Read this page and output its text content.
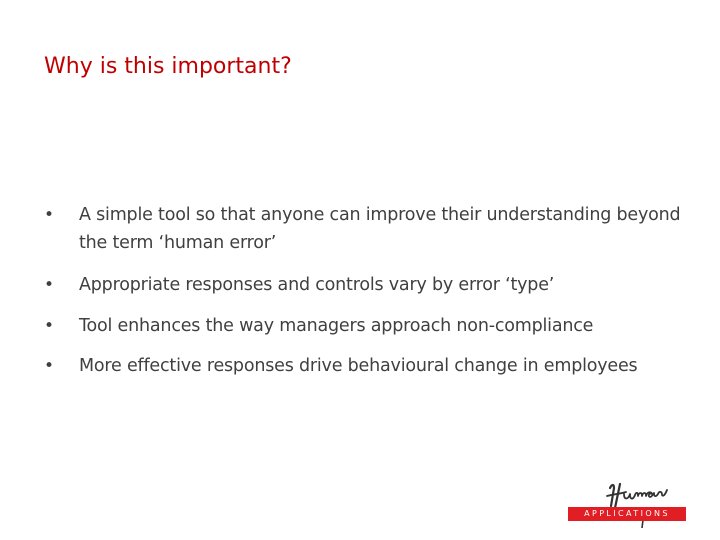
Why is this important?
• A simple tool so that anyone can improve their understanding beyond the term ‘human error’
• Appropriate responses and controls vary by error ‘type’
• Tool enhances the way managers approach non-compliance
• More effective responses drive behavioural change in employees
APPLICATIONS
